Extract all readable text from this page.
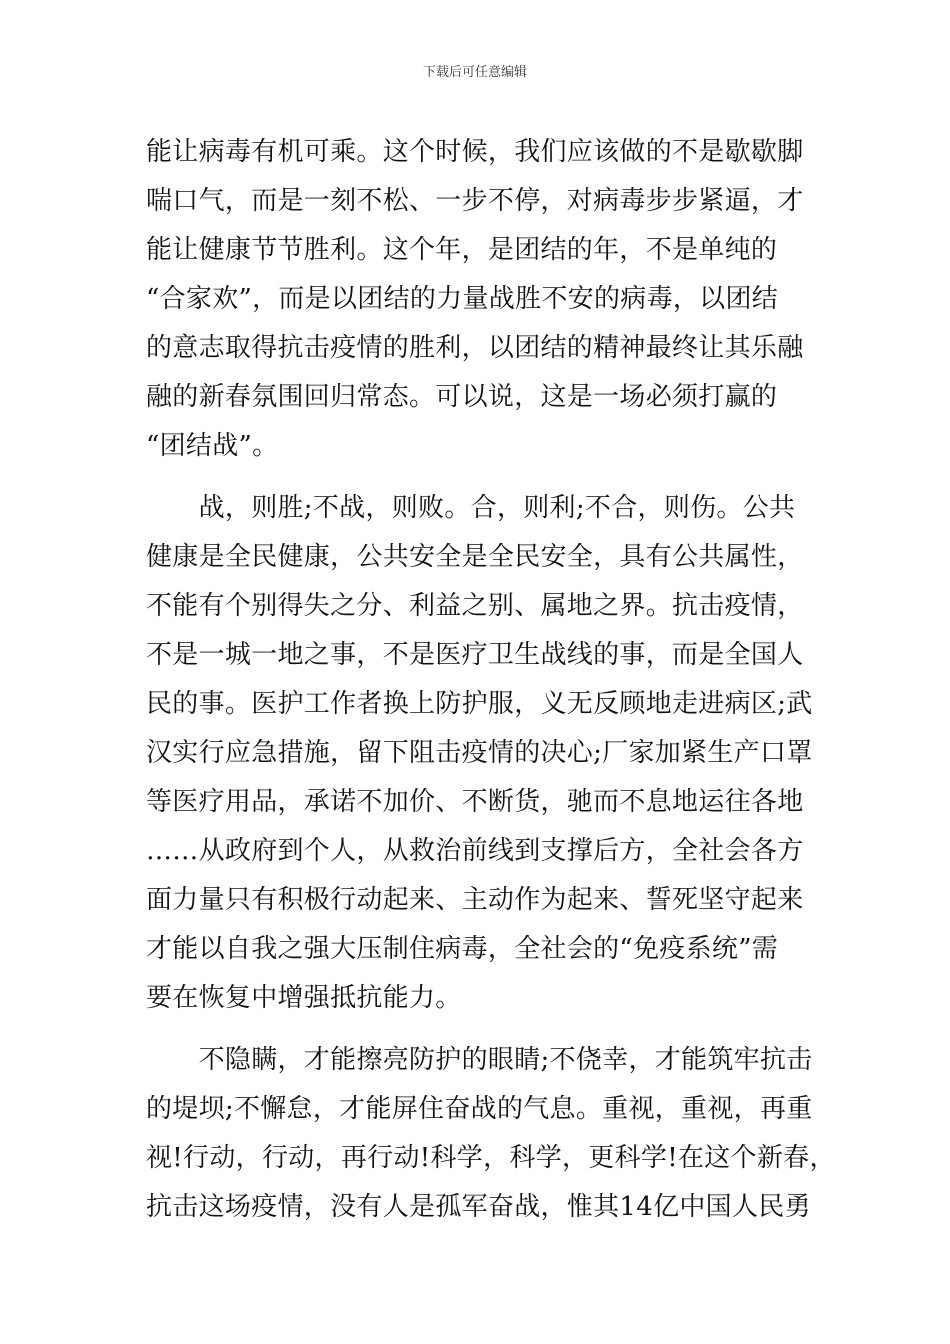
下载后可任意编辑
能让病毒有机可乘。这个时候，我们应该做的不是歇歇脚
喘口气，而是一刻不松、一步不停，对病毒步步紧逼，才
能让健康节节胜利。这个年，是团结的年，不是单纯的
“合家欢”，而是以团结的力量战胜不安的病毒，以团结
的意志取得抗击疫情的胜利，以团结的精神最终让其乐融
融的新春氛围回归常态。可以说，这是一场必须打赢的
“团结战”。
　　战，则胜;不战，则败。合，则利;不合，则伤。公共
健康是全民健康，公共安全是全民安全，具有公共属性，
不能有个别得失之分、利益之别、属地之界。抗击疫情，
不是一城一地之事，不是医疗卫生战线的事，而是全国人
民的事。医护工作者换上防护服，义无反顾地走进病区;武
汉实行应急措施，留下阻击疫情的决心;厂家加紧生产口罩
等医疗用品，承诺不加价、不断货，驰而不息地运往各地
……从政府到个人，从救治前线到支撑后方，全社会各方
面力量只有积极行动起来、主动作为起来、誓死坚守起来
才能以自我之强大压制住病毒，全社会的“免疫系统”需
要在恢复中增强抵抗能力。
　　不隐瞒，才能擦亮防护的眼睛;不侥幸，才能筑牢抗击
的堤坝;不懈怠，才能屏住奋战的气息。重视，重视，再重
视!行动，行动，再行动!科学，科学，更科学!在这个新春，
抗击这场疫情，没有人是孤军奋战，惟其14亿中国人民勇
